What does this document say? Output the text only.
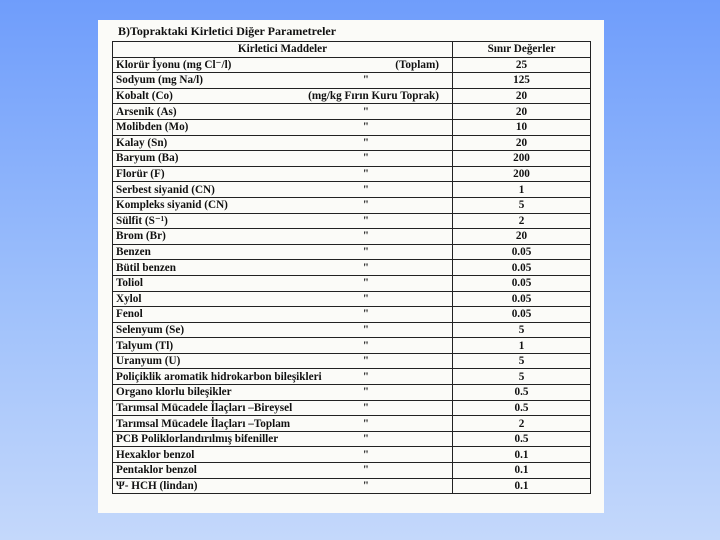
B)Topraktaki Kirletici Diğer Parametreler
Kirletici Maddeler	Sınır Değerler

Klorür İyonu (mg Cl⁻/l) (Toplam)	25

Sodyum (mg Na/l) "	125

Kobalt (Co) (mg/kg Fırın Kuru Toprak)	20

Arsenik (As) "	20

Molibden (Mo) "	10

Kalay (Sn) "	20

Baryum (Ba) "	200

Florür (F) "	200

Serbest siyanid (CN) "	1

Kompleks siyanid (CN) "	5

Sülfit (S⁻¹) "	2

Brom (Br) "	20

Benzen "	0.05

Bütil benzen "	0.05

Toliol "	0.05

Xylol "	0.05

Fenol "	0.05

Selenyum (Se) "	5

Talyum (Tl) "	1

Uranyum (U) "	5

Poliçiklik aromatik hidrokarbon bileşikleri "	5

Organo klorlu bileşikler "	0.5

Tarımsal Mücadele İlaçları –Bireysel "	0.5

Tarımsal Mücadele İlaçları –Toplam "	2

PCB Poliklorlandırılmış bifeniller "	0.5

Hexaklor benzol "	0.1

Pentaklor benzol "	0.1

Ψ- HCH (lindan) "	0.1
